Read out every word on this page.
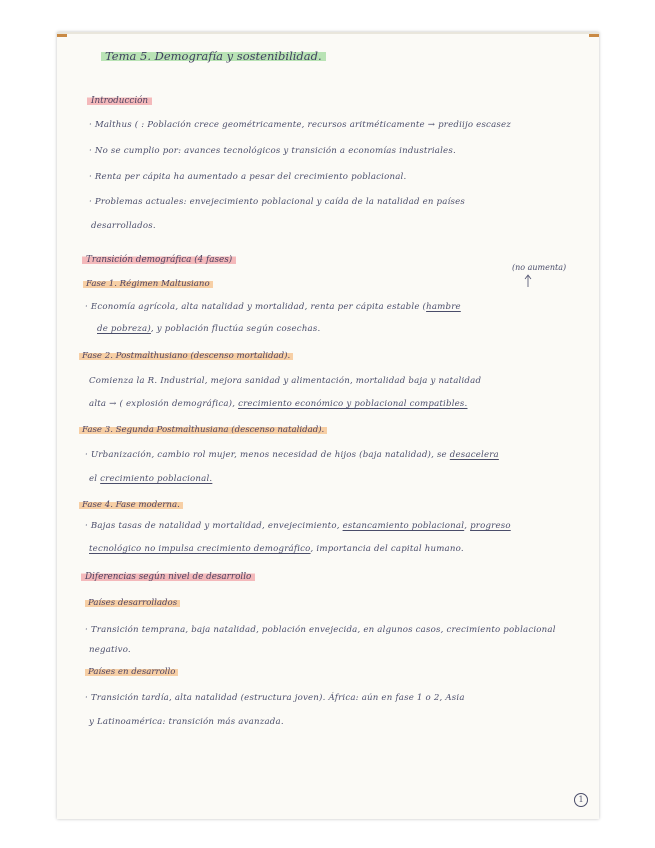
Tema 5. Demografía y sostenibilidad.
Introducción
· Malthus ( : Población crece geométricamente, recursos aritméticamente → prediijo escasez
· No se cumplio por: avances tecnológicos y transición a economías industriales.
· Renta per cápita ha aumentado a pesar del crecimiento poblacional.
· Problemas actuales: envejecimiento poblacional y caída de la natalidad en países
desarrollados.
Transición demográfica (4 fases)
(no aumenta)
Fase 1. Régimen Maltusiano
· Economía agrícola, alta natalidad y mortalidad, renta per cápita estable (hambre
de pobreza), y población fluctúa según cosechas.
Fase 2. Postmalthusiano (descenso mortalidad).
Comienza la R. Industrial, mejora sanidad y alimentación, mortalidad baja y natalidad
alta → ( explosión demográfica), crecimiento económico y poblacional compatibles.
Fase 3. Segunda Postmalthusiana (descenso natalidad).
· Urbanización, cambio rol mujer, menos necesidad de hijos (baja natalidad), se desacelera
el crecimiento poblacional.
Fase 4. Fase moderna.
· Bajas tasas de natalidad y mortalidad, envejecimiento, estancamiento poblacional, progreso
tecnológico no impulsa crecimiento demográfico, importancia del capital humano.
Diferencias según nivel de desarrollo
Países desarrollados
· Transición temprana, baja natalidad, población envejecida, en algunos casos, crecimiento poblacional
negativo.
Países en desarrollo
· Transición tardía, alta natalidad (estructura joven). África: aún en fase 1 o 2, Asia
y Latinoamérica: transición más avanzada.
1
